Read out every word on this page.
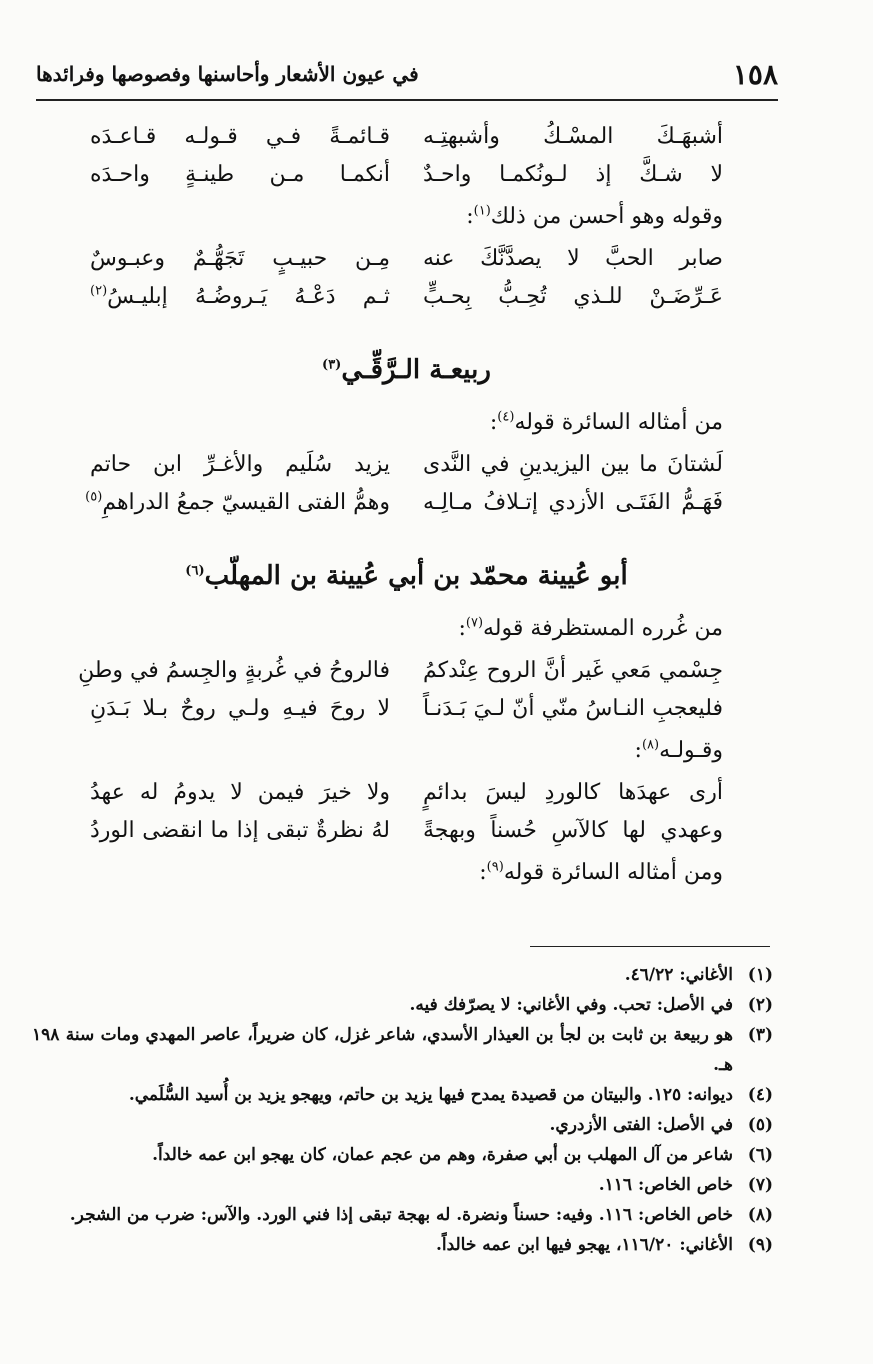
١٥٨
في عيون الأشعار وأحاسنها وفصوصها وفرائدها
أشبهَـكَ المسْـكُ وأشبهتِـه
قـائمـةً فـي قـولـه قـاعـدَه
لا شـكَّ إذ لـونُكمـا واحـدٌ
أنكمـا مـن طينـةٍ واحـدَه
وقوله وهو أحسن من ذلك$^{(١)}$:
صابر الحبَّ لا يصدَّنَّكَ عنه
مِـن حبيـبٍ تَجَهُّـمٌ وعبـوسٌ
عَـرِّضَـنْ للـذي تُحِـبُّ بِحـبٍّ
ثـم دَعْـهُ يَـروضُـهُ إبليـسُ$^{(٢)}$
ربيعـة الـرَّقِّـي$^{(٣)}$
من أمثاله السائرة قوله$^{(٤)}$:
لَشتانَ ما بين اليزيدينِ في النَّدى
يزيد سُلَيم والأغـرِّ ابن حاتم
فَهَـمُّ الفَتَـى الأزدي إتـلافُ مـالِـه
وهمُّ الفتى القيسيّ جمعُ الدراهمِ$^{(٥)}$
أبو عُيينة محمّد بن أبي عُيينة بن المهلّب$^{(٦)}$
من غُرره المستظرفة قوله$^{(٧)}$:
جِسْمي مَعي غَير أنَّ الروح عِنْدكمُ
فالروحُ في غُربةٍ والجِسمُ في وطنِ
فليعجبِ النـاسُ منّي أنّ لـيَ بَـدَنـاً
لا روحَ فيـهِ ولـي روحٌ بـلا بَـدَنِ
وقـولـه$^{(٨)}$:
أرى عهدَها كالوردِ ليسَ بدائمٍ
ولا خيرَ فيمن لا يدومُ له عهدُ
وعهدي لها كالآسِ حُسناً وبهجةً
لهُ نظرةٌ تبقى إذا ما انقضى الوردُ
ومن أمثاله السائرة قوله$^{(٩)}$:
(١)
الأغاني: ٤٦/٢٢.
(٢)
في الأصل: تحب. وفي الأغاني: لا يصرّفك فيه.
(٣)
هو ربيعة بن ثابت بن لجأ بن العيذار الأسدي، شاعر غزل، كان ضريراً، عاصر المهدي ومات سنة ١٩٨ هـ.
(٤)
ديوانه: ١٢٥. والبيتان من قصيدة يمدح فيها يزيد بن حاتم، ويهجو يزيد بن أُسيد السُّلَمي.
(٥)
في الأصل: الفتى الأزدري.
(٦)
شاعر من آل المهلب بن أبي صفرة، وهم من عجم عمان، كان يهجو ابن عمه خالداً.
(٧)
خاص الخاص: ١١٦.
(٨)
خاص الخاص: ١١٦. وفيه: حسناً ونضرة. له بهجة تبقى إذا فني الورد. والآس: ضرب من الشجر.
(٩)
الأغاني: ١١٦/٢٠، يهجو فيها ابن عمه خالداً.
